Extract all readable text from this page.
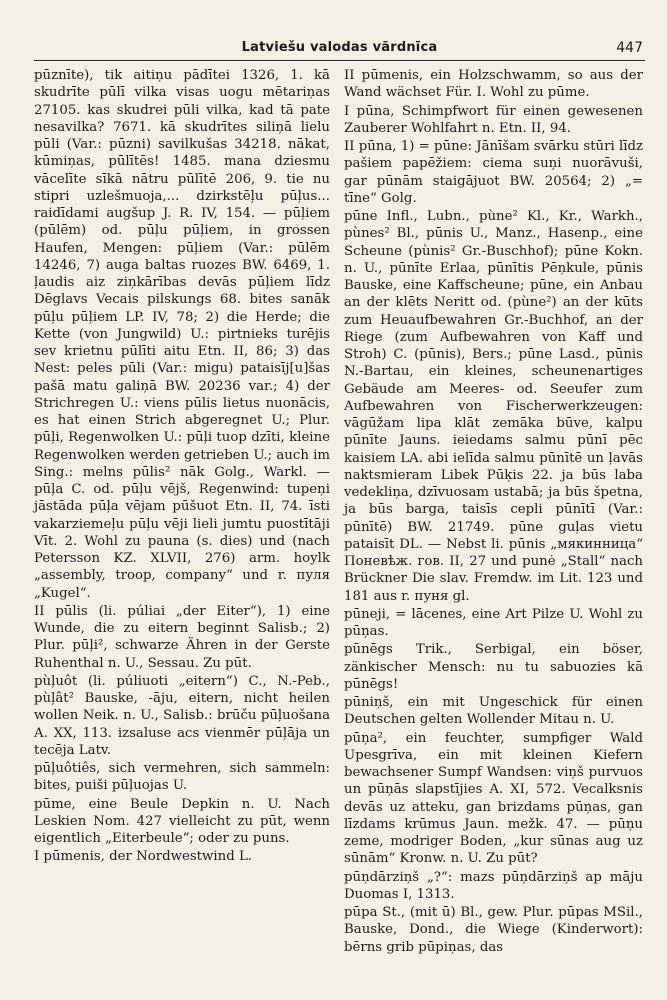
Latviešu valodas vārdnīca	447

pūznīte), tik aitiņu pādītei 1326, 1. kā skudrīte pūlī vilka visas uogu mētariņas 27105. kas skudrei pūli vilka, kad tā pate nesavilka? 7671. kā skudrītes siliņā lielu pūli (Var.: pūzni) savilkušas 34218. nākat, kūmiņas, pūlītēs! 1485. mana dziesmu vācelīte sīkā nātru pūlītē 206, 9. tie nu stipri uzlešmuoja,... dzirkstēļu pūļus... raidīdami augšup J. R. IV, 154. — pūļiem (pūlēm) od. pūļu pūļiem, in grossen Haufen, Mengen: pūļiem (Var.: pūlēm 14246, 7) auga baltas ruozes BW. 6469, 1. ļaudis aiz ziņkārības devās pūļiem līdz Dēglavs Vecais pilskungs 68. bites sanāk pūļu pūļiem LP. IV, 78; 2) die Herde; die Kette (von Jungwild) U.: pirtnieks turējis sev krietnu pūlīti aitu Etn. II, 86; 3) das Nest: peles pūli (Var.: migu) pataisīj[u]šas pašā matu galiņā BW. 20236 var.; 4) der Strichregen U.: viens pūlis lietus nuonācis, es hat einen Strich abgeregnet U.; Plur. pūļi, Regenwolken U.: pūļi tuop dzīti, kleine Regenwolken werden getrieben U.; auch im Sing.: melns pūlis² nāk Golg., Warkl. — pūļa C. od. pūļu vējš, Regenwind: tupeņi jāstāda pūļa vējam pūšuot Etn. II, 74. īsti vakarziemeļu pūļu vēji lieli jumtu puostītāji Vīt. 2. Wohl zu pauna (s. dies) und (nach Petersson KZ. XLVII, 276) arm. hoylk „assembly, troop, company“ und r. пуля „Kugel“.

II pūlis (li. púliai „der Eiter“), 1) eine Wunde, die zu eitern beginnt Salisb.; 2) Plur. pūļi², schwarze Ähren in der Gerste Ruhenthal n. U., Sessau. Zu pūt.

pùļuôt (li. púliuoti „eitern“) C., N.-Peb., pùļât² Bauske, -āju, eitern, nicht heilen wollen Neik. n. U., Salisb.: brūču pūļuošana A. XX, 113. izsaluse acs vienmēr pūļāja un tecēja Latv.

pūļuôtiês, sich vermehren, sich sammeln: bites, puiši pūļuojas U.

pūme, eine Beule Depkin n. U. Nach Leskien Nom. 427 vielleicht zu pūt, wenn eigentlich „Eiterbeule“; oder zu puns.

I pūmenis, der Nordwestwind L.

II pūmenis, ein Holzschwamm, so aus der Wand wächset Für. I. Wohl zu pūme.

I pūna, Schimpfwort für einen gewesenen Zauberer Wohlfahrt n. Etn. II, 94.

II pūna, 1) = pūne: Jānīšam svārku stūri līdz pašiem papēžiem: ciema suņi nuorāvuši, gar pūnām staigājuot BW. 20564; 2) „= tīne“ Golg.

pūne Infl., Lubn., pùne² Kl., Kr., Warkh., pùnes² Bl., pūnis U., Manz., Hasenp., eine Scheune (pùnis² Gr.-Buschhof); pūne Kokn. n. U., pūnīte Erlaa, pūnītis Pēņkule, pūnis Bauske, eine Kaffscheune; pūne, ein Anbau an der klēts Neritt od. (pùne²) an der kūts zum Heuaufbewahren Gr.-Buchhof, an der Riege (zum Aufbewahren von Kaff und Stroh) C. (pūnis), Bers.; pūne Lasd., pūnis N.-Bartau, ein kleines, scheunenartiges Gebäude am Meeres- od. Seeufer zum Aufbewahren von Fischerwerkzeugen: vāgūžam lipa klāt zemāka būve, kalpu pūnīte Jauns. ieiedams salmu pūnī pēc kaisiem LA. abi ielīda salmu pūnītē un ļavās naktsmieram Libek Pūķis 22. ja būs laba vedekliņa, dzīvuosam ustabā; ja būs špetna, ja būs barga, taisīs cepli pūnītī (Var.: pūnītē) BW. 21749. pūne guļas vietu pataisīt DL. — Nebst li. pūnis „мякинница“ Поневѣж. гов. II, 27 und punė „Stall“ nach Brückner Die slav. Fremdw. im Lit. 123 und 181 aus r. пуня gl.

pūneji, = lācenes, eine Art Pilze U. Wohl zu pūņas.

pūnēgs Trik., Serbigal, ein böser, zänkischer Mensch: nu tu sabuozies kā pūnēgs!

pūniņš, ein mit Ungeschick für einen Deutschen gelten Wollender Mitau n. U.

pūņa², ein feuchter, sumpfiger Wald Upesgrīva, ein mit kleinen Kiefern bewachsener Sumpf Wandsen: viņš purvuos un pūņās slapstījies A. XI, 572. Vecalksnis devās uz atteku, gan brizdams pūņas, gan līzdams krūmus Jaun. mežk. 47. — pūņu zeme, modriger Boden, „kur sūnas aug uz sūnām“ Kronw. n. U. Zu pūt?

pūņdārziņš „?“: mazs pūņdārziņš ap māju Duomas I, 1313.

pūpa St., (mit ū) Bl., gew. Plur. pūpas MSil., Bauske, Dond., die Wiege (Kinderwort): bērns grib pūpiņas, das
